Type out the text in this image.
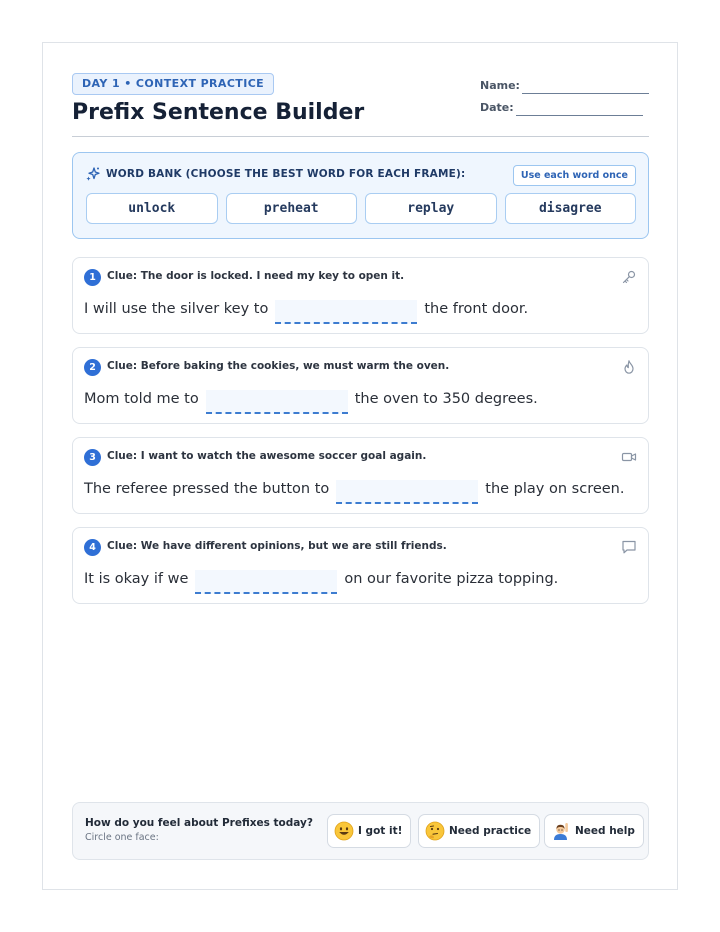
DAY 1 • CONTEXT PRACTICE
Prefix Sentence Builder
Name:
Date:
WORD BANK (CHOOSE THE BEST WORD FOR EACH FRAME):	Use each word once
unlock	preheat	replay	disagree
1	Clue: The door is locked. I need my key to open it.
I will use the silver key to	the front door.
2	Clue: Before baking the cookies, we must warm the oven.
Mom told me to	the oven to 350 degrees.
3	Clue: I want to watch the awesome soccer goal again.
The referee pressed the button to	the play on screen.
4	Clue: We have different opinions, but we are still friends.
It is okay if we	on our favorite pizza topping.
How do you feel about Prefixes today?
Circle one face:
I got it!	Need practice	Need help
